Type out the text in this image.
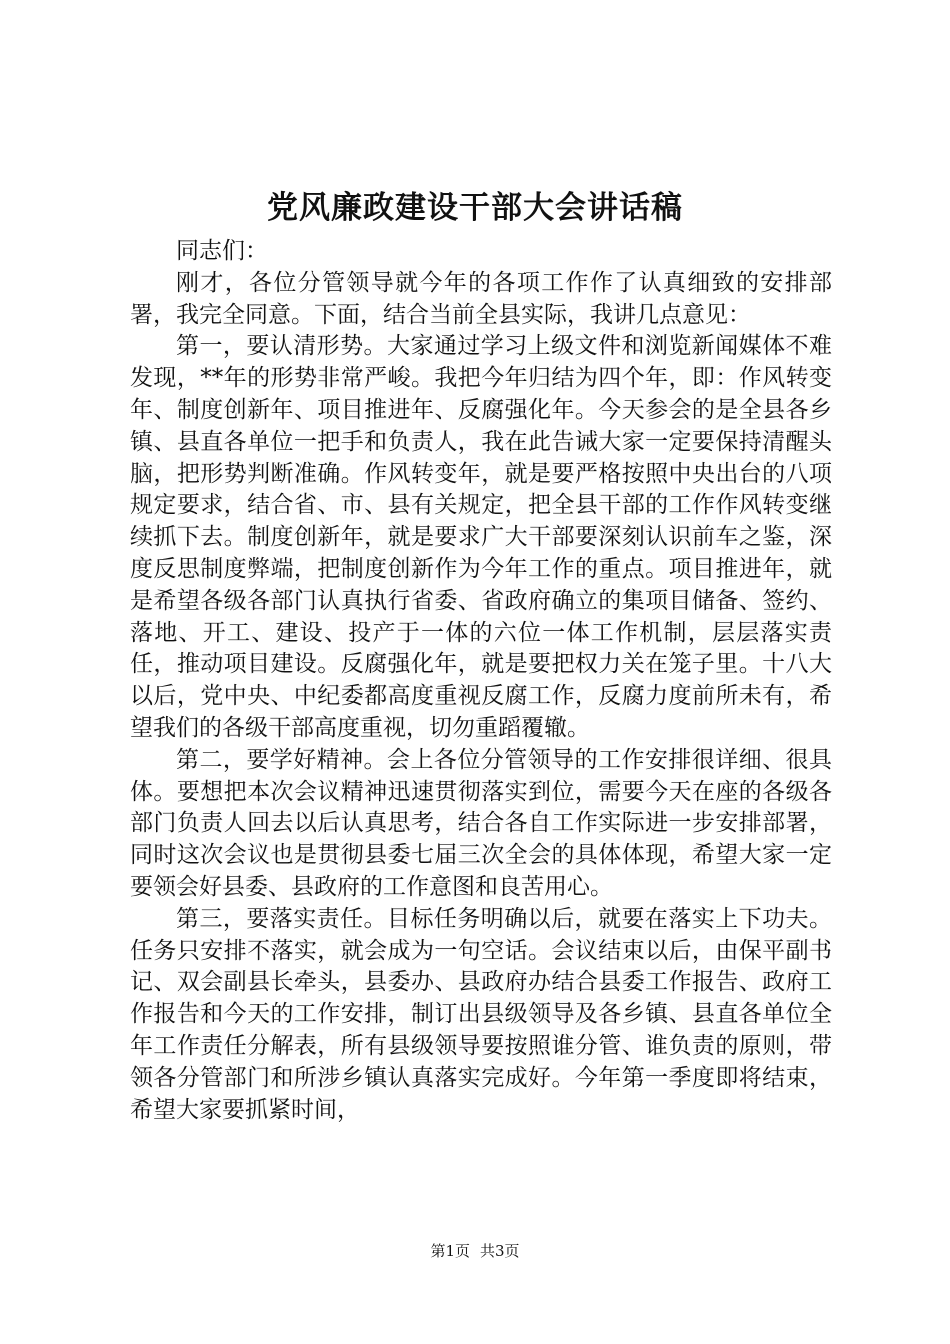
党风廉政建设干部大会讲话稿

同志们：

刚才，各位分管领导就今年的各项工作作了认真细致的安排部署，我完全同意。下面，结合当前全县实际，我讲几点意见：

第一，要认清形势。大家通过学习上级文件和浏览新闻媒体不难发现，**年的形势非常严峻。我把今年归结为四个年，即：作风转变年、制度创新年、项目推进年、反腐强化年。今天参会的是全县各乡镇、县直各单位一把手和负责人，我在此告诫大家一定要保持清醒头脑，把形势判断准确。作风转变年，就是要严格按照中央出台的八项规定要求，结合省、市、县有关规定，把全县干部的工作作风转变继续抓下去。制度创新年，就是要求广大干部要深刻认识前车之鉴，深度反思制度弊端，把制度创新作为今年工作的重点。项目推进年，就是希望各级各部门认真执行省委、省政府确立的集项目储备、签约、落地、开工、建设、投产于一体的六位一体工作机制，层层落实责任，推动项目建设。反腐强化年，就是要把权力关在笼子里。十八大以后，党中央、中纪委都高度重视反腐工作，反腐力度前所未有，希望我们的各级干部高度重视，切勿重蹈覆辙。

第二，要学好精神。会上各位分管领导的工作安排很详细、很具体。要想把本次会议精神迅速贯彻落实到位，需要今天在座的各级各部门负责人回去以后认真思考，结合各自工作实际进一步安排部署，同时这次会议也是贯彻县委七届三次全会的具体体现，希望大家一定要领会好县委、县政府的工作意图和良苦用心。

第三，要落实责任。目标任务明确以后，就要在落实上下功夫。任务只安排不落实，就会成为一句空话。会议结束以后，由保平副书记、双会副县长牵头，县委办、县政府办结合县委工作报告、政府工作报告和今天的工作安排，制订出县级领导及各乡镇、县直各单位全年工作责任分解表，所有县级领导要按照谁分管、谁负责的原则，带领各分管部门和所涉乡镇认真落实完成好。今年第一季度即将结束，希望大家要抓紧时间，

第1页 共3页
